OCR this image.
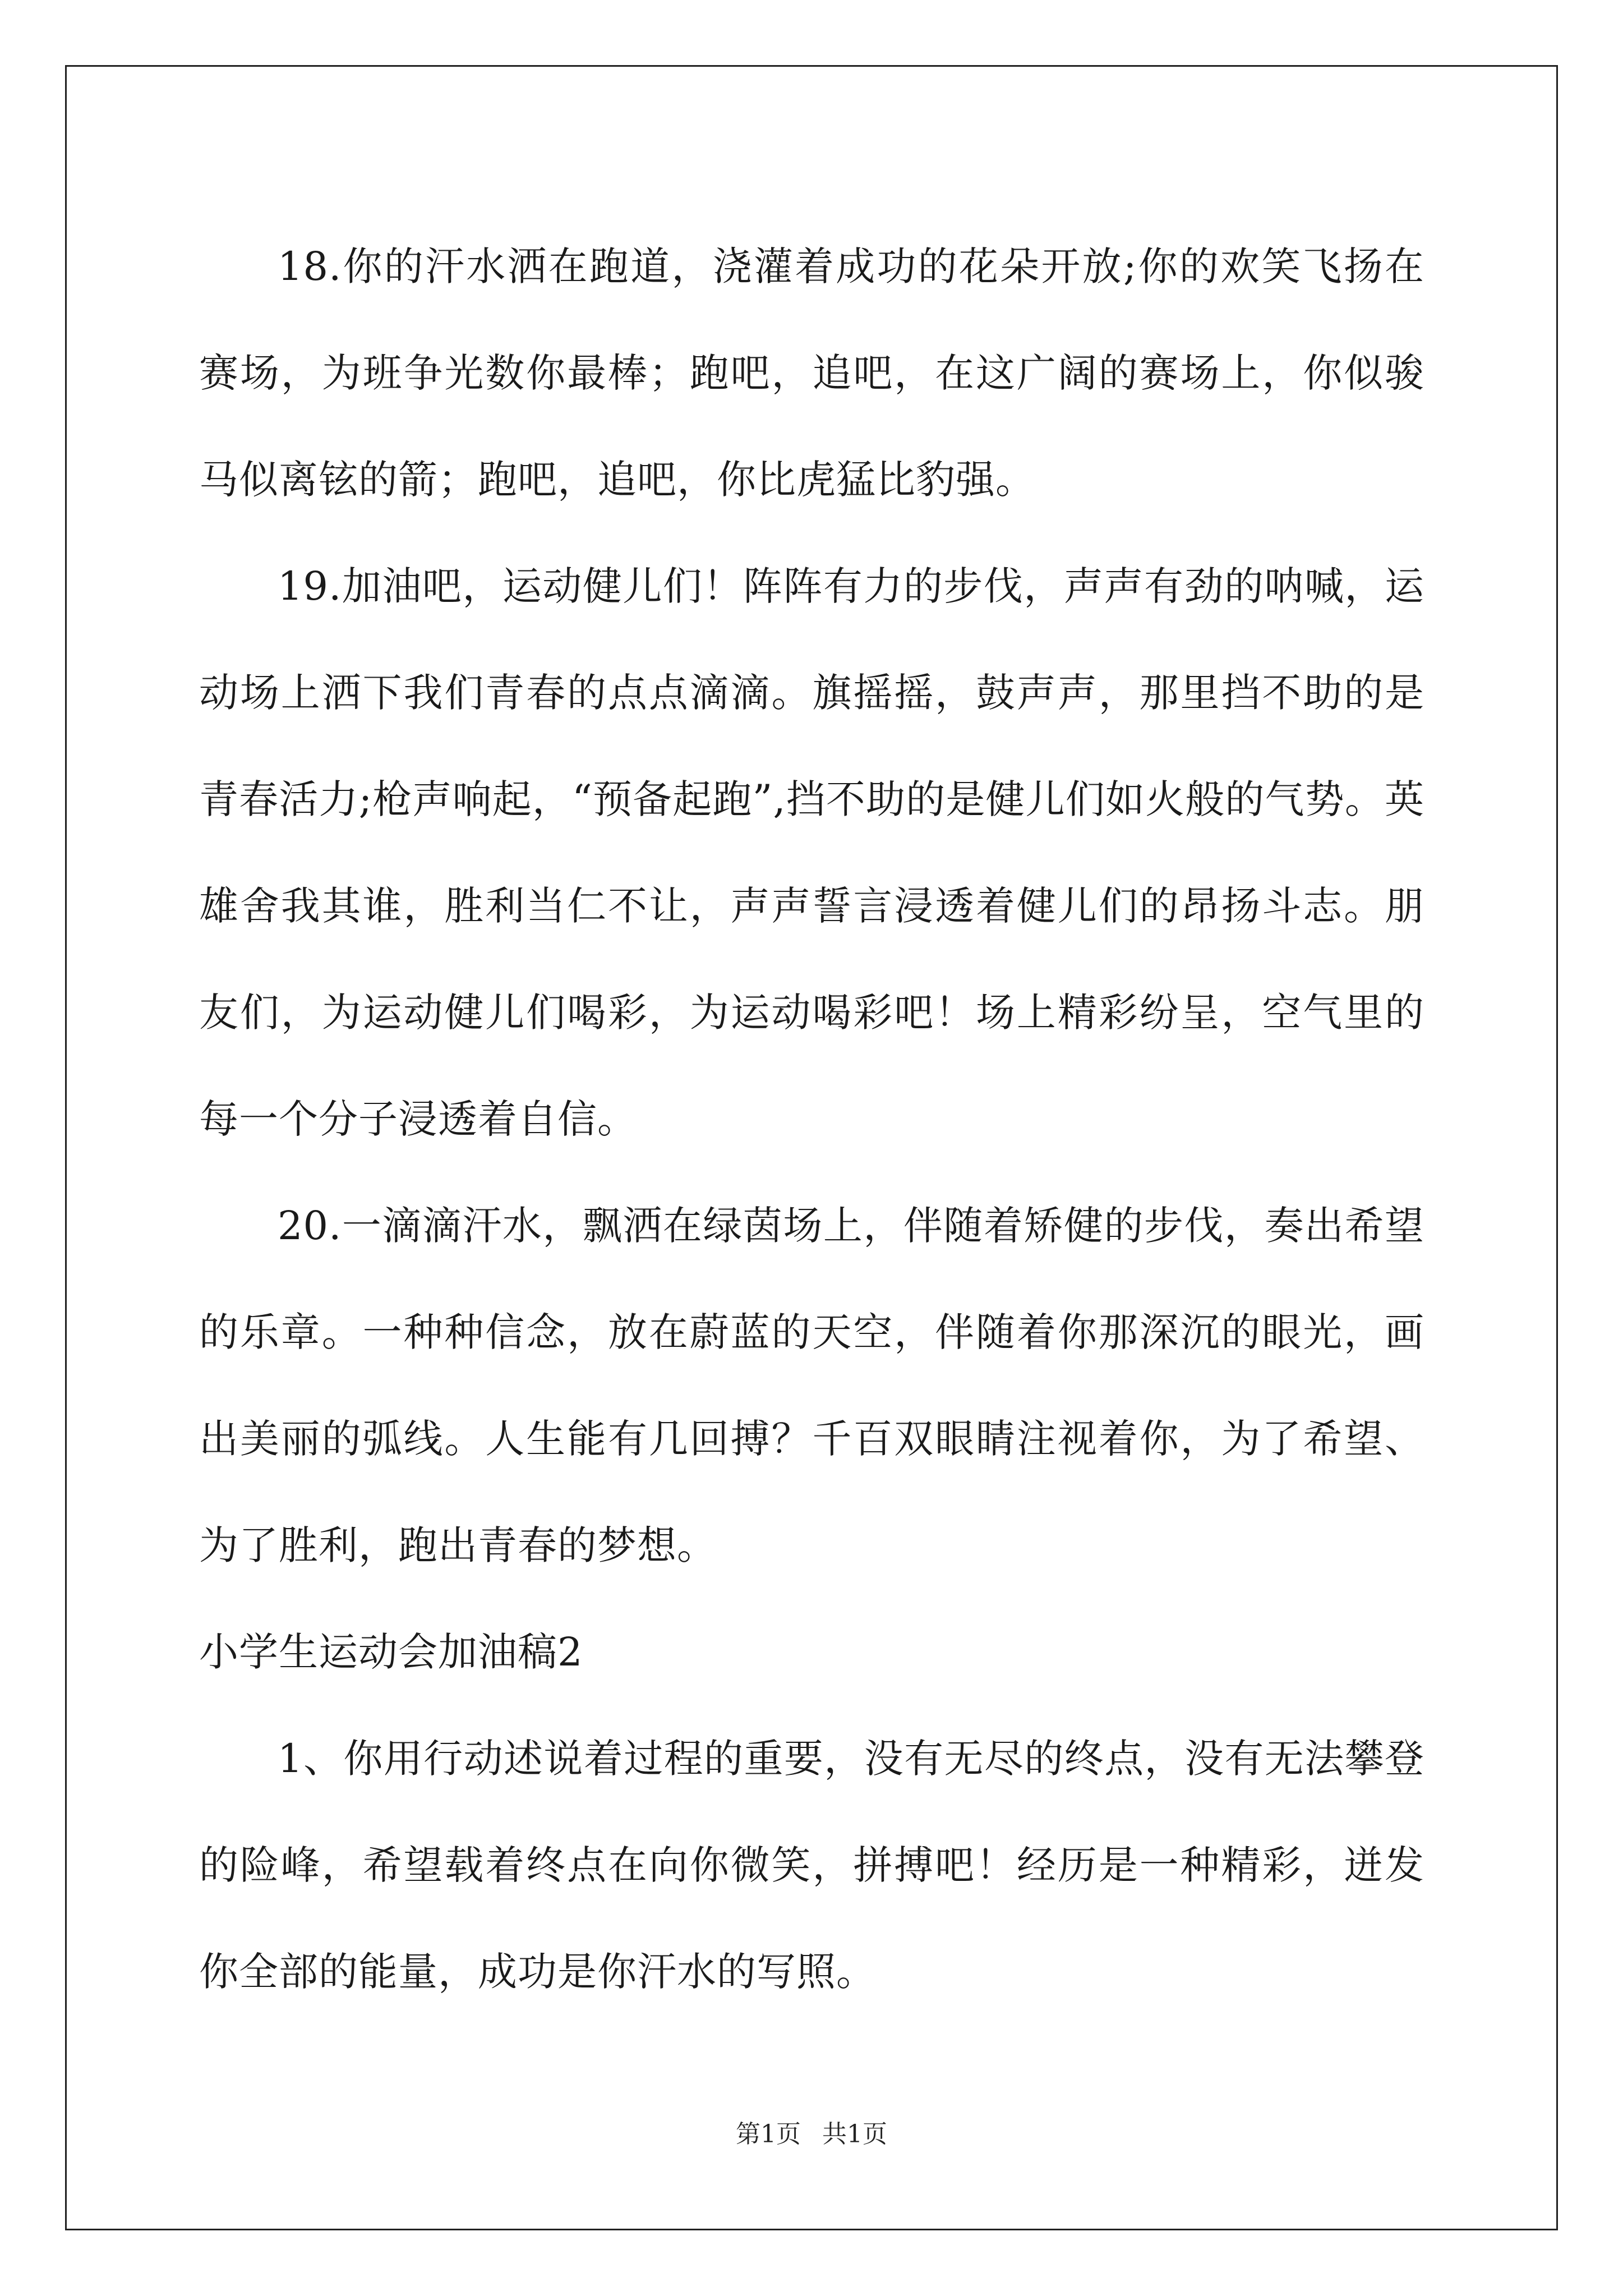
18.你的汗水洒在跑道，浇灌着成功的花朵开放;你的欢笑飞扬在赛场，为班争光数你最棒；跑吧，追吧，在这广阔的赛场上，你似骏马似离铉的箭；跑吧，追吧，你比虎猛比豹强。

19.加油吧，运动健儿们！阵阵有力的步伐，声声有劲的呐喊，运动场上洒下我们青春的点点滴滴。旗摇摇，鼓声声，那里挡不助的是青春活力;枪声响起，“预备起跑”,挡不助的是健儿们如火般的气势。英雄舍我其谁，胜利当仁不让，声声誓言浸透着健儿们的昂扬斗志。朋友们，为运动健儿们喝彩，为运动喝彩吧！场上精彩纷呈，空气里的每一个分子浸透着自信。

20.一滴滴汗水，飘洒在绿茵场上，伴随着矫健的步伐，奏出希望的乐章。一种种信念，放在蔚蓝的天空，伴随着你那深沉的眼光，画出美丽的弧线。人生能有几回搏？千百双眼睛注视着你，为了希望、为了胜利，跑出青春的梦想。

小学生运动会加油稿2

1、你用行动述说着过程的重要，没有无尽的终点，没有无法攀登的险峰，希望载着终点在向你微笑，拼搏吧！经历是一种精彩，迸发你全部的能量，成功是你汗水的写照。

第1页 共1页
